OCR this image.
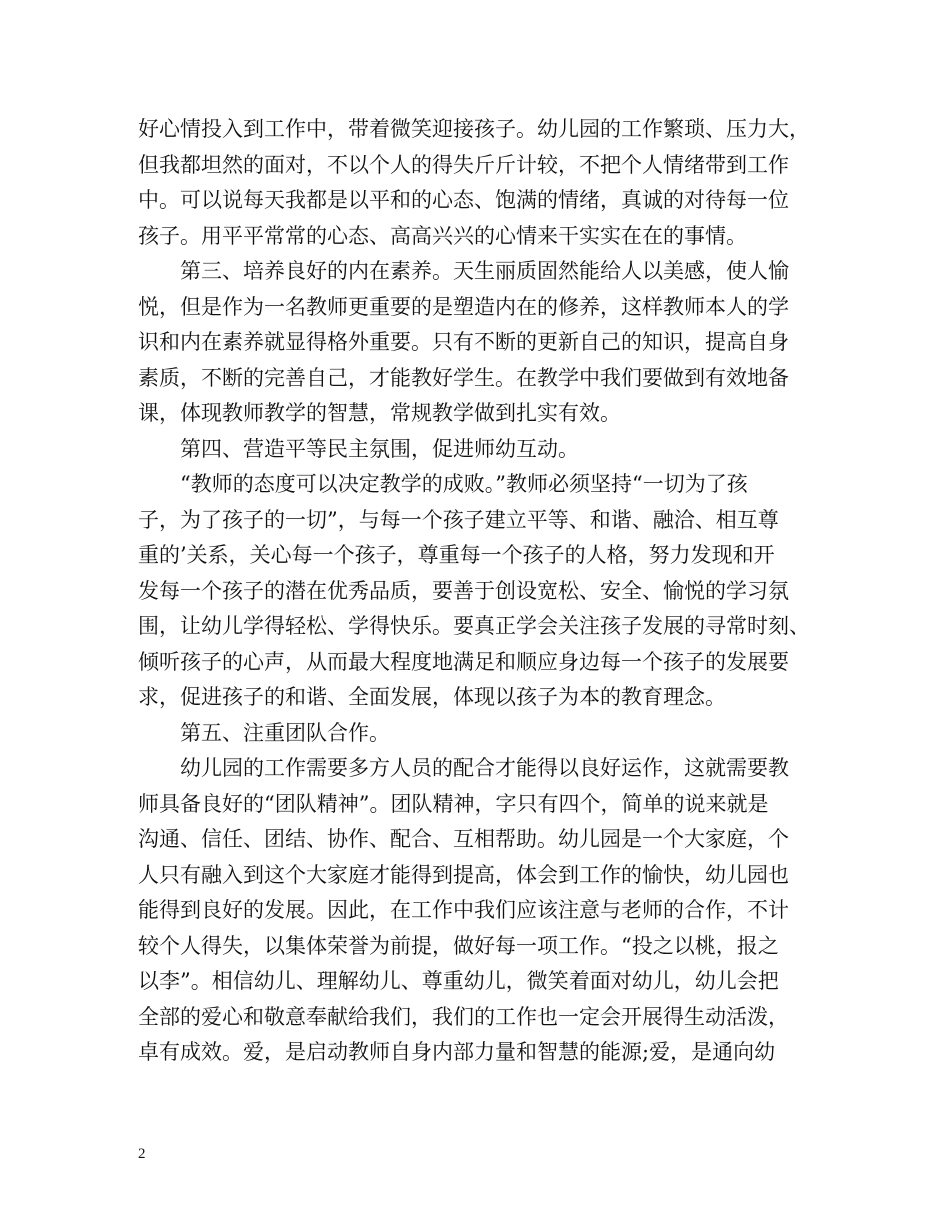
好心情投入到工作中，带着微笑迎接孩子。幼儿园的工作繁琐、压力大，
但我都坦然的面对，不以个人的得失斤斤计较，不把个人情绪带到工作
中。可以说每天我都是以平和的心态、饱满的情绪，真诚的对待每一位
孩子。用平平常常的心态、高高兴兴的心情来干实实在在的事情。
第三、培养良好的内在素养。天生丽质固然能给人以美感，使人愉
悦，但是作为一名教师更重要的是塑造内在的修养，这样教师本人的学
识和内在素养就显得格外重要。只有不断的更新自己的知识，提高自身
素质，不断的完善自己，才能教好学生。在教学中我们要做到有效地备
课，体现教师教学的智慧，常规教学做到扎实有效。
第四、营造平等民主氛围，促进师幼互动。
“教师的态度可以决定教学的成败。”教师必须坚持“一切为了孩
子，为了孩子的一切”，与每一个孩子建立平等、和谐、融洽、相互尊
重的’关系，关心每一个孩子，尊重每一个孩子的人格，努力发现和开
发每一个孩子的潜在优秀品质，要善于创设宽松、安全、愉悦的学习氛
围，让幼儿学得轻松、学得快乐。要真正学会关注孩子发展的寻常时刻、
倾听孩子的心声，从而最大程度地满足和顺应身边每一个孩子的发展要
求，促进孩子的和谐、全面发展，体现以孩子为本的教育理念。
第五、注重团队合作。
幼儿园的工作需要多方人员的配合才能得以良好运作，这就需要教
师具备良好的“团队精神”。团队精神，字只有四个，简单的说来就是
沟通、信任、团结、协作、配合、互相帮助。幼儿园是一个大家庭，个
人只有融入到这个大家庭才能得到提高，体会到工作的愉快，幼儿园也
能得到良好的发展。因此，在工作中我们应该注意与老师的合作，不计
较个人得失，以集体荣誉为前提，做好每一项工作。“投之以桃，报之
以李”。相信幼儿、理解幼儿、尊重幼儿，微笑着面对幼儿，幼儿会把
全部的爱心和敬意奉献给我们，我们的工作也一定会开展得生动活泼，
卓有成效。爱，是启动教师自身内部力量和智慧的能源;爱，是通向幼
2
